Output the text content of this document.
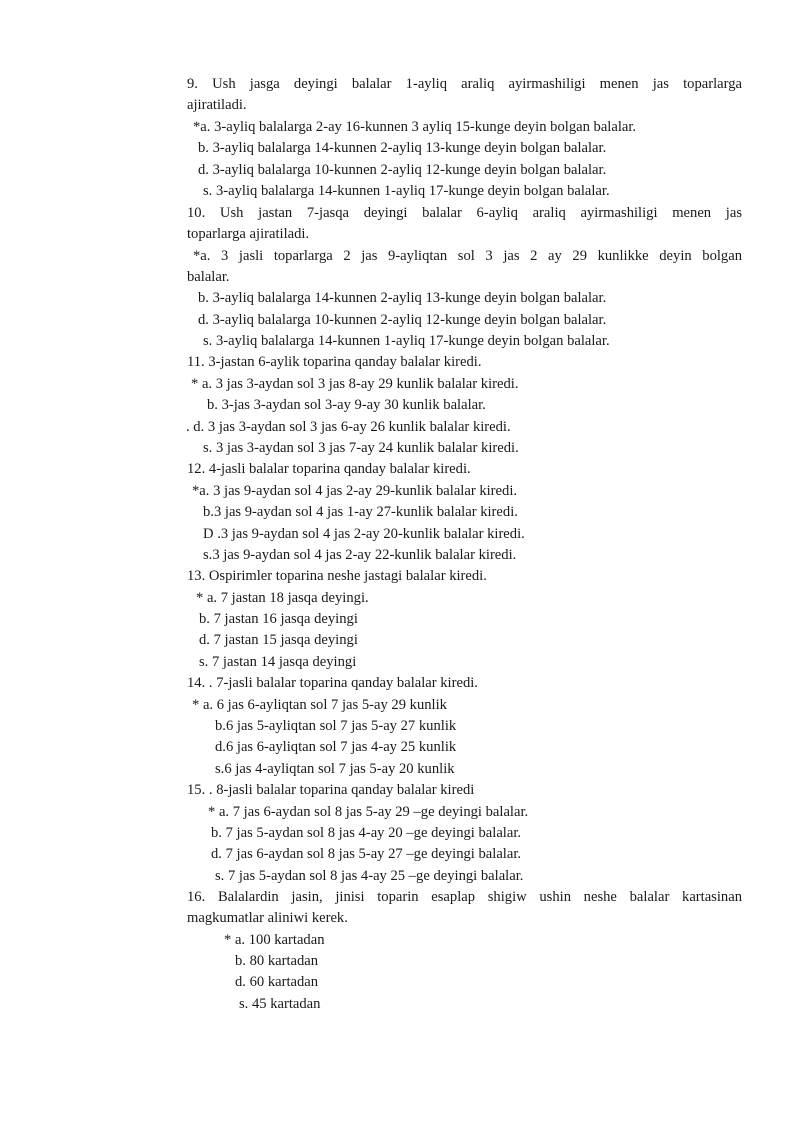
9. Ush jasga deyingi balalar 1-ayliq araliq ayirmashiligi menen jas toparlarga
ajiratiladi.
*a. 3-ayliq balalarga 2-ay 16-kunnen 3 ayliq 15-kunge deyin bolgan balalar.
b. 3-ayliq balalarga 14-kunnen 2-ayliq 13-kunge deyin bolgan balalar.
d. 3-ayliq balalarga 10-kunnen 2-ayliq 12-kunge deyin bolgan balalar.
s. 3-ayliq balalarga 14-kunnen 1-ayliq 17-kunge deyin bolgan balalar.
10. Ush jastan 7-jasqa deyingi balalar 6-ayliq araliq ayirmashiligi menen jas
toparlarga ajiratiladi.
*a. 3 jasli toparlarga 2 jas 9-ayliqtan sol 3 jas 2 ay 29 kunlikke deyin bolgan
balalar.
b. 3-ayliq balalarga 14-kunnen 2-ayliq 13-kunge deyin bolgan balalar.
d. 3-ayliq balalarga 10-kunnen 2-ayliq 12-kunge deyin bolgan balalar.
s. 3-ayliq balalarga 14-kunnen 1-ayliq 17-kunge deyin bolgan balalar.
11. 3-jastan 6-aylik toparina qanday balalar kiredi.
* a. 3 jas 3-aydan sol 3 jas 8-ay 29 kunlik balalar kiredi.
b. 3-jas 3-aydan sol 3-ay 9-ay 30 kunlik balalar.
. d. 3 jas 3-aydan sol 3 jas 6-ay 26 kunlik balalar kiredi.
s. 3 jas 3-aydan sol 3 jas 7-ay 24 kunlik balalar kiredi.
12. 4-jasli balalar toparina qanday balalar kiredi.
*a. 3 jas 9-aydan sol 4 jas 2-ay 29-kunlik balalar kiredi.
b.3 jas 9-aydan sol 4 jas 1-ay 27-kunlik balalar kiredi.
D .3 jas 9-aydan sol 4 jas 2-ay 20-kunlik balalar kiredi.
s.3 jas 9-aydan sol 4 jas 2-ay 22-kunlik balalar kiredi.
13. Ospirimler toparina neshe jastagi balalar kiredi.
* a. 7 jastan 18 jasqa deyingi.
b. 7 jastan 16 jasqa deyingi
d. 7 jastan 15 jasqa deyingi
s. 7 jastan 14 jasqa deyingi
14. . 7-jasli balalar toparina qanday balalar kiredi.
* a. 6 jas 6-ayliqtan sol 7 jas 5-ay 29 kunlik
b.6 jas 5-ayliqtan sol 7 jas 5-ay 27 kunlik
d.6 jas 6-ayliqtan sol 7 jas 4-ay 25 kunlik
s.6 jas 4-ayliqtan sol 7 jas 5-ay 20 kunlik
15. . 8-jasli balalar toparina qanday balalar kiredi
* a. 7 jas 6-aydan sol 8 jas 5-ay 29 –ge deyingi balalar.
b. 7 jas 5-aydan sol 8 jas 4-ay 20 –ge deyingi balalar.
d. 7 jas 6-aydan sol 8 jas 5-ay 27 –ge deyingi balalar.
s. 7 jas 5-aydan sol 8 jas 4-ay 25 –ge deyingi balalar.
16. Balalardin jasin, jinisi toparin esaplap shigiw ushin neshe balalar kartasinan
magkumatlar aliniwi kerek.
* a. 100 kartadan
b. 80 kartadan
d. 60 kartadan
s. 45 kartadan
